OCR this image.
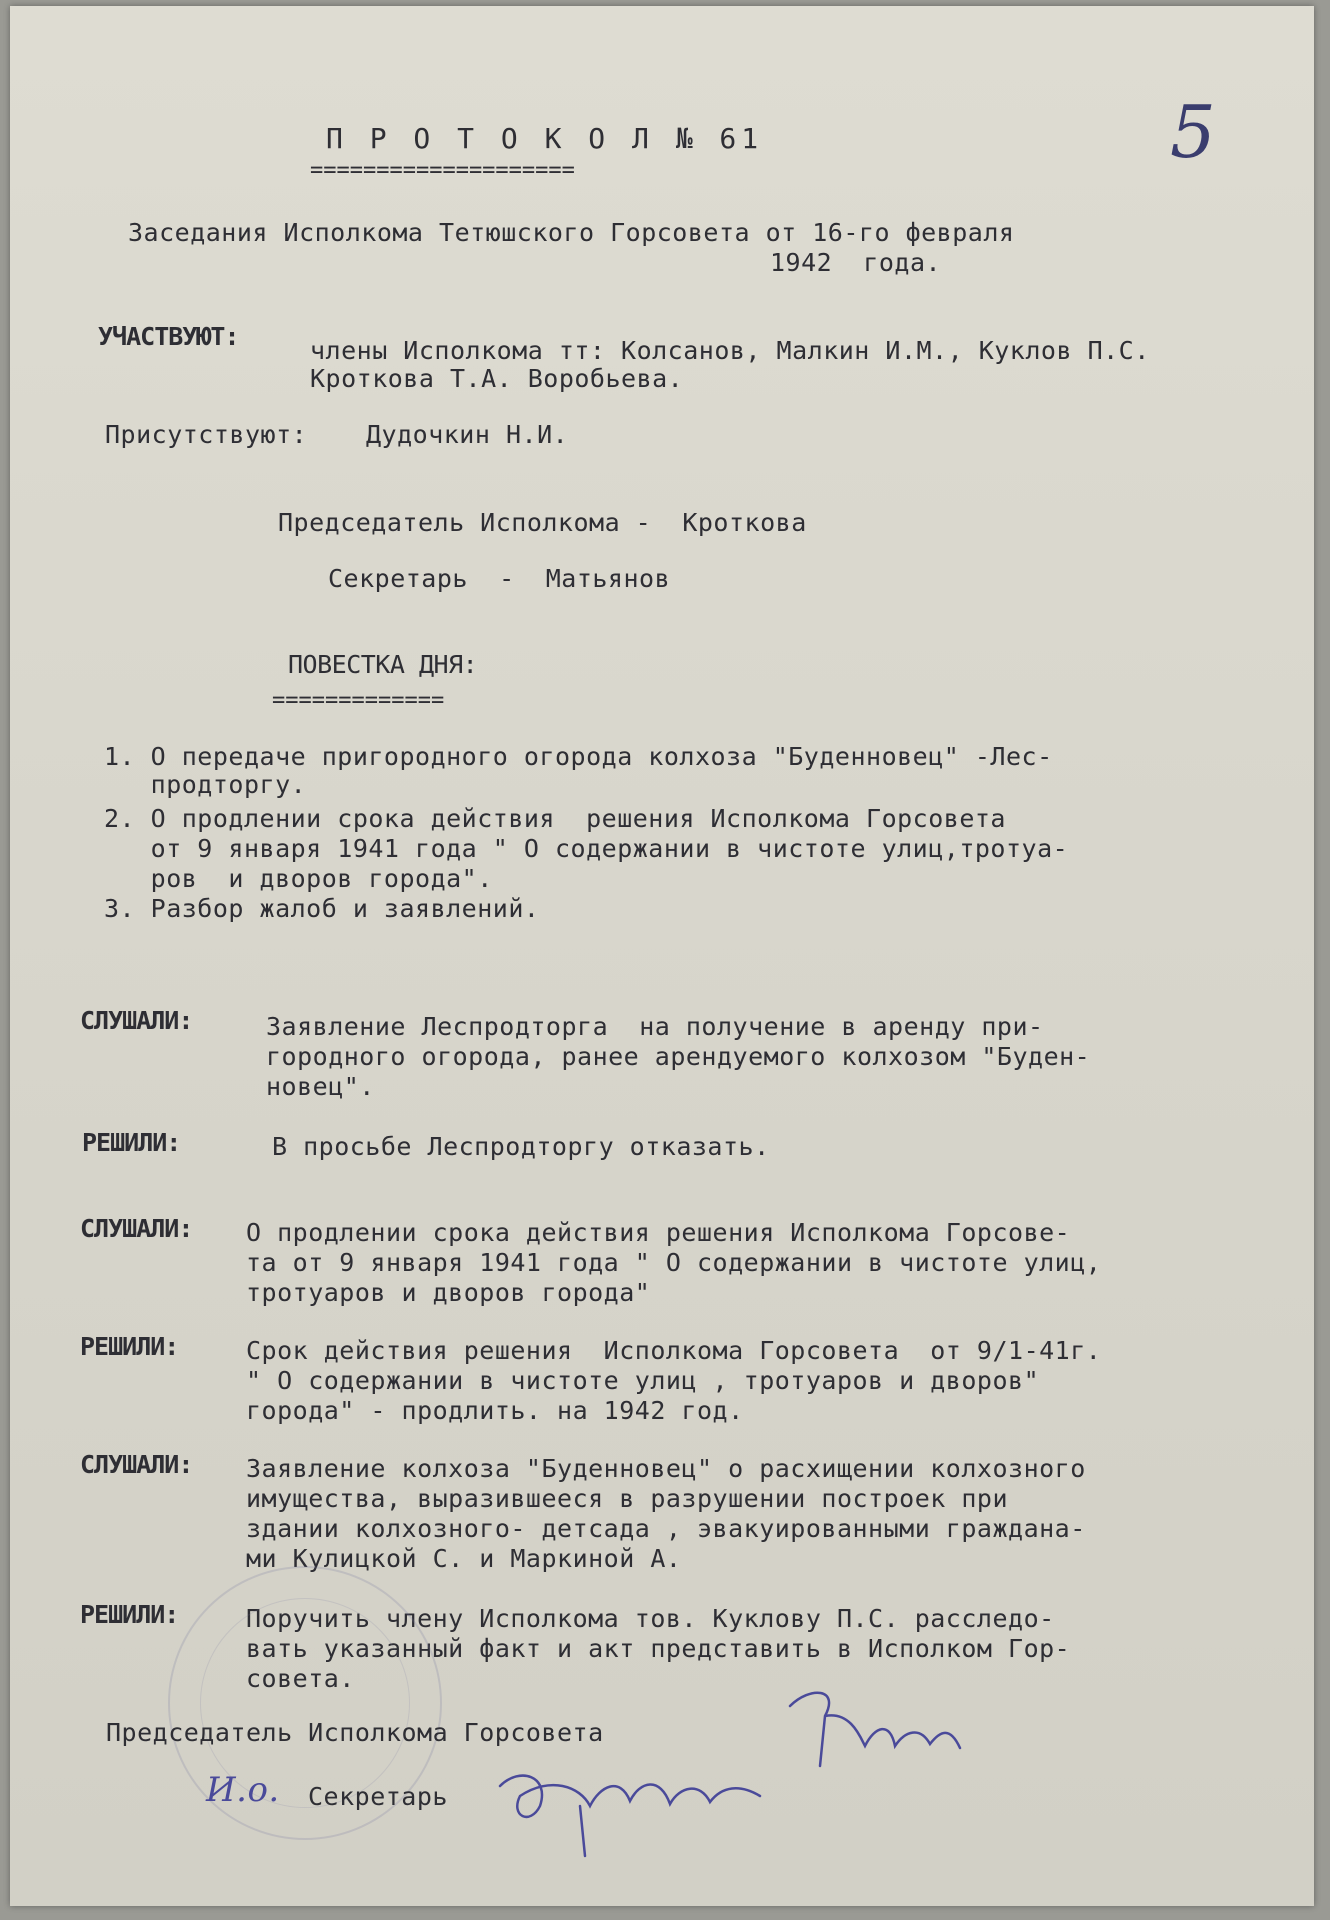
5
П Р О Т О К О Л № 61
====================
Заседания Исполкома Тетюшского Горсовета от 16-го февраля
1942  года.
УЧАСТВУЮТ:	члены Исполкома тт: Колсанов, Малкин И.М., Куклов П.С.
Кроткова Т.А. Воробьева.
Присутствуют: Дудочкин Н.И.
Председатель Исполкома -  Кроткова
Секретарь  -  Матьянов
ПОВЕСТКА ДНЯ:
=============
1. О передаче пригородного огорода колхоза "Буденновец" -Лес-
продторгу.
2. О продлении срока действия  решения Исполкома Горсовета
от 9 января 1941 года " О содержании в чистоте улиц,тротуа-
ров  и дворов города".
3. Разбор жалоб и заявлений.
СЛУШАЛИ:	Заявление Леспродторга  на получение в аренду при-
городного огорода, ранее арендуемого колхозом "Буден-
новец".
РЕШИЛИ:	В просьбе Леспродторгу отказать.
СЛУШАЛИ: О продлении срока действия решения Исполкома Горсове-
та от 9 января 1941 года " О содержании в чистоте улиц,
тротуаров и дворов города"
РЕШИЛИ:	Срок действия решения  Исполкома Горсовета  от 9/1-41г.
" О содержании в чистоте улиц , тротуаров и дворов"
города" - продлить. на 1942 год.
СЛУШАЛИ: Заявление колхоза "Буденновец" о расхищении колхозного
имущества, выразившееся в разрушении построек при
здании колхозного- детсада , эвакуированными граждана-
ми Кулицкой С. и Маркиной А.
РЕШИЛИ:	Поручить члену Исполкома тов. Куклову П.С. расследо-
вать указанный факт и акт представить в Исполком Гор-
совета.
Председатель Исполкома Горсовета
И.о. Секретарь
